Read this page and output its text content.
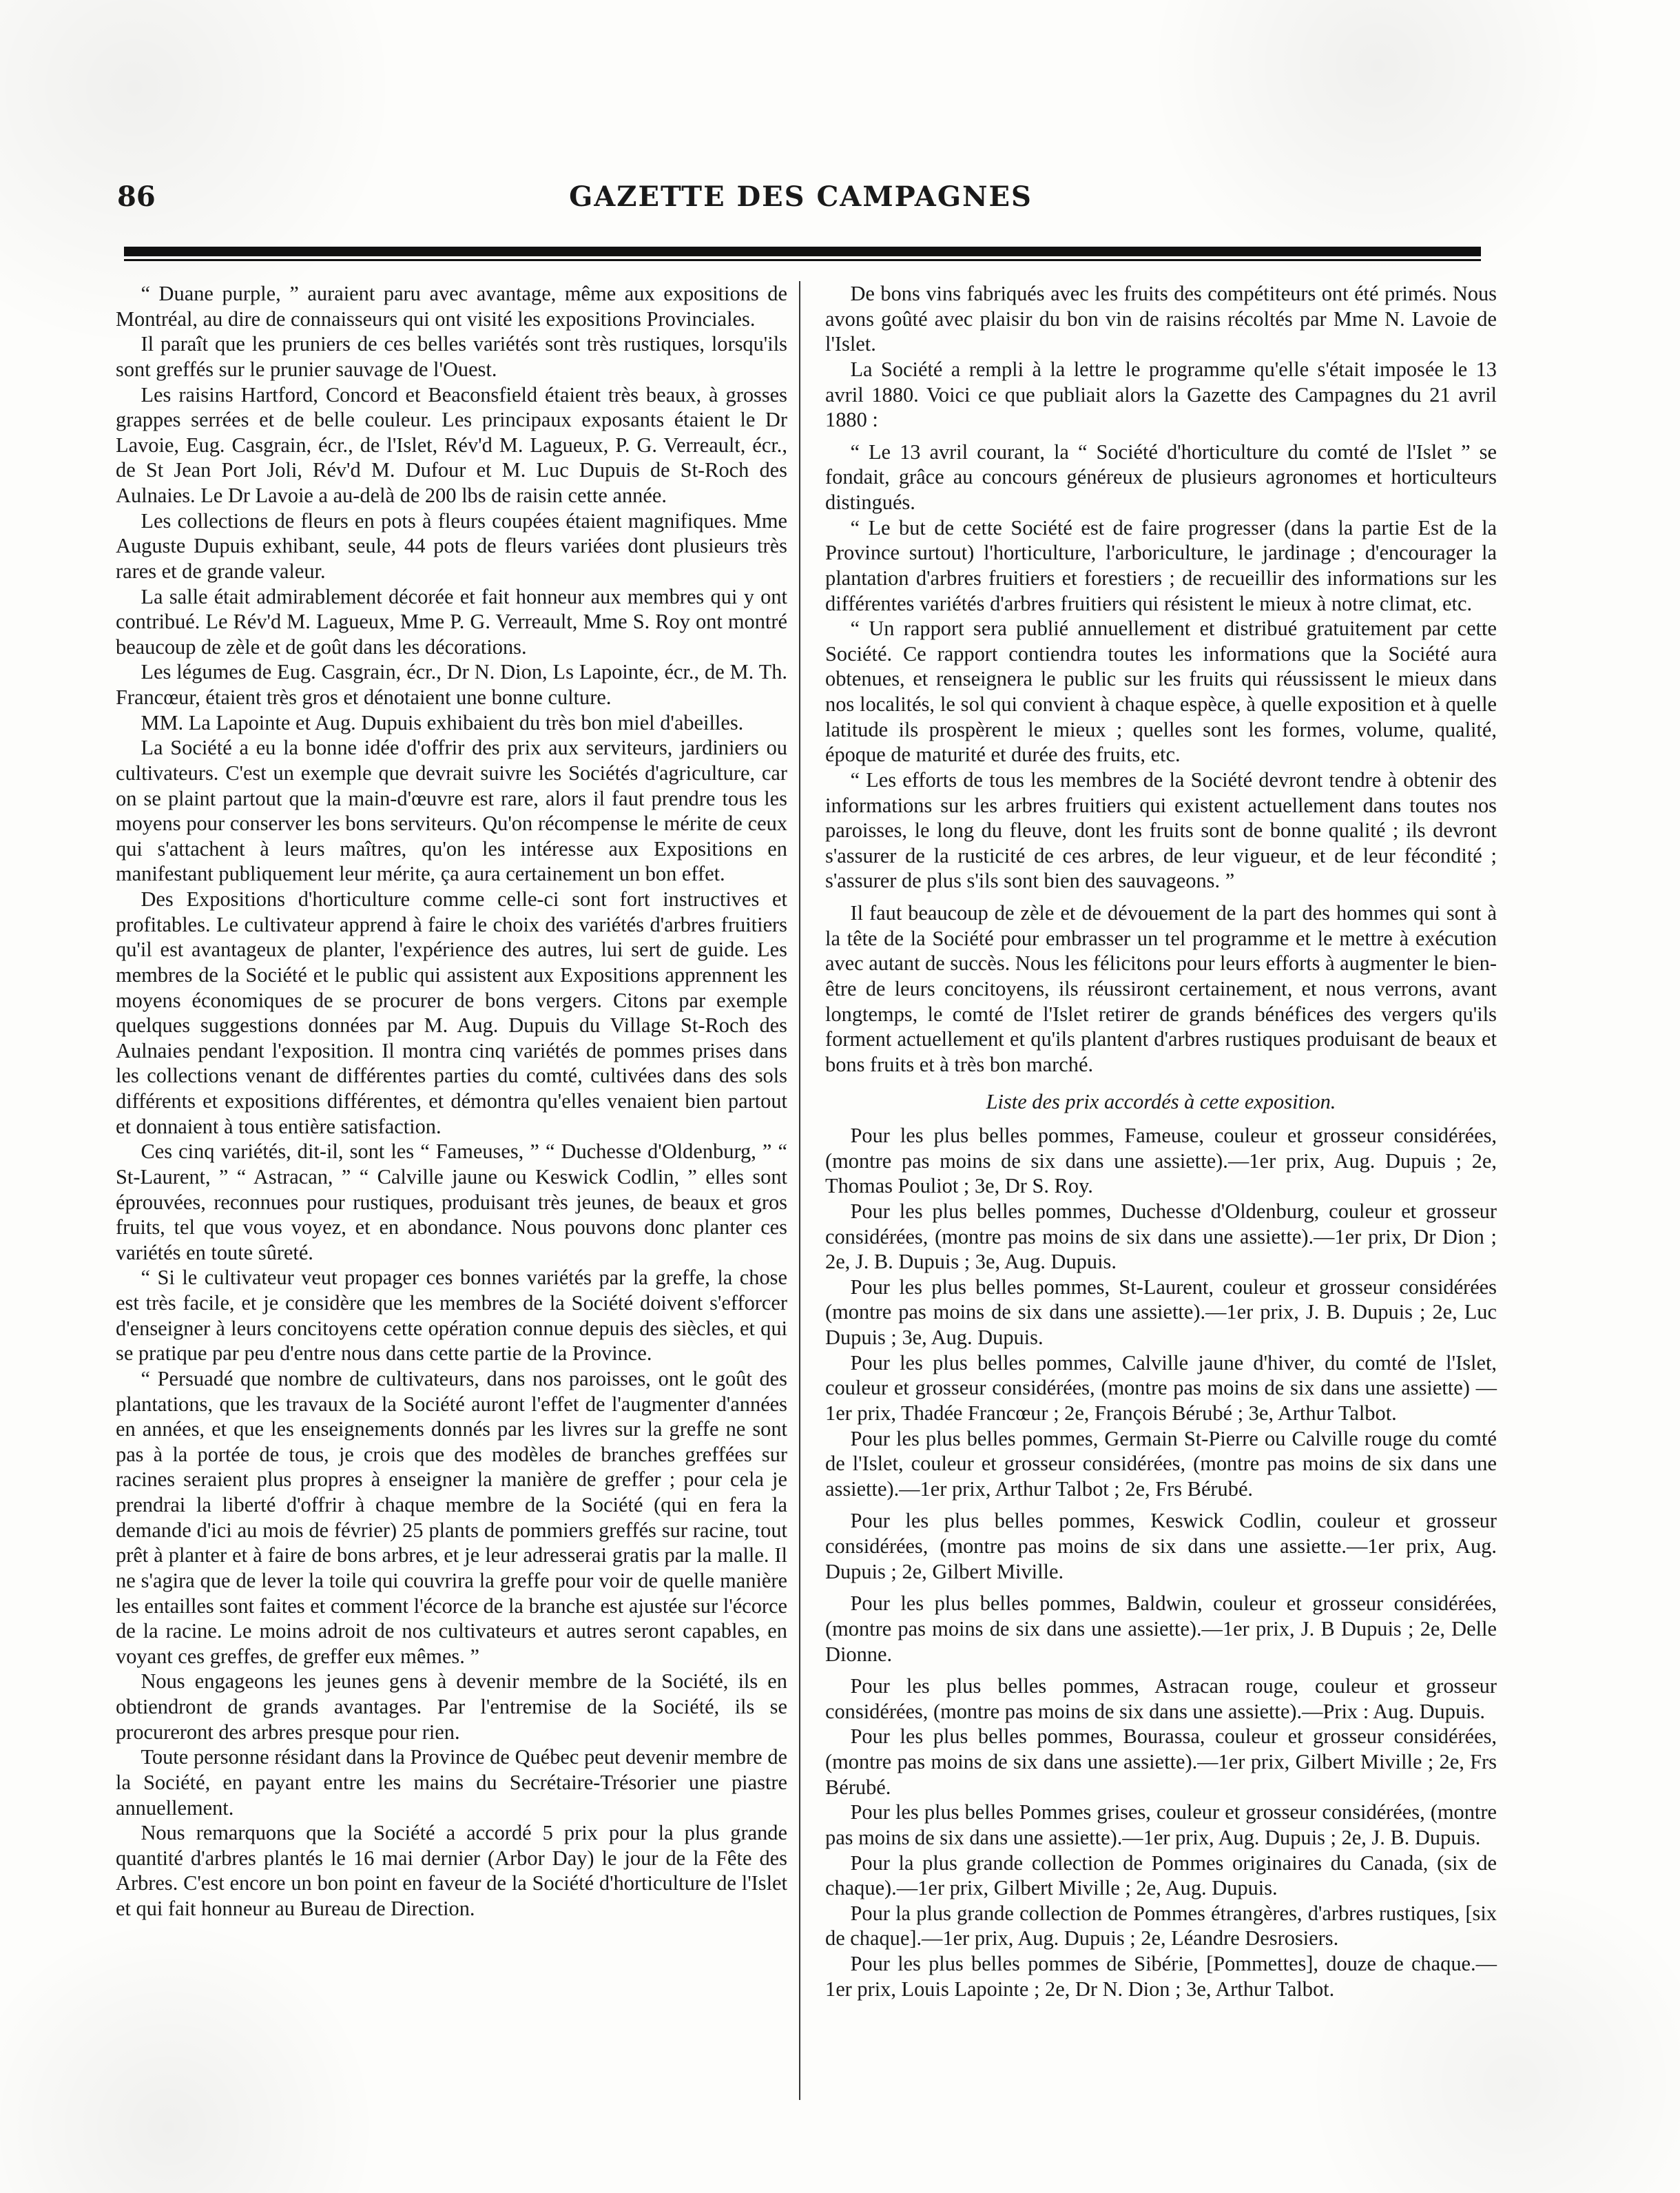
86	GAZETTE DES CAMPAGNES

“ Duane purple, ” auraient paru avec avantage, même aux expositions de Montréal, au dire de connaisseurs qui ont visité les expositions Provinciales.

Il paraît que les pruniers de ces belles variétés sont très rustiques, lorsqu'ils sont greffés sur le prunier sauvage de l'Ouest.

Les raisins Hartford, Concord et Beaconsfield étaient très beaux, à grosses grappes serrées et de belle couleur. Les principaux exposants étaient le Dr Lavoie, Eug. Casgrain, écr., de l'Islet, Rév'd M. Lagueux, P. G. Verreault, écr., de St Jean Port Joli, Rév'd M. Dufour et M. Luc Dupuis de St-Roch des Aulnaies. Le Dr Lavoie a au-delà de 200 lbs de raisin cette année.

Les collections de fleurs en pots à fleurs coupées étaient magnifiques. Mme Auguste Dupuis exhibant, seule, 44 pots de fleurs variées dont plusieurs très rares et de grande valeur.

La salle était admirablement décorée et fait honneur aux membres qui y ont contribué. Le Rév'd M. Lagueux, Mme P. G. Verreault, Mme S. Roy ont montré beaucoup de zèle et de goût dans les décorations.

Les légumes de Eug. Casgrain, écr., Dr N. Dion, Ls Lapointe, écr., de M. Th. Francœur, étaient très gros et dénotaient une bonne culture.

MM. La Lapointe et Aug. Dupuis exhibaient du très bon miel d'abeilles.

La Société a eu la bonne idée d'offrir des prix aux serviteurs, jardiniers ou cultivateurs. C'est un exemple que devrait suivre les Sociétés d'agriculture, car on se plaint partout que la main-d'œuvre est rare, alors il faut prendre tous les moyens pour conserver les bons serviteurs. Qu'on récompense le mérite de ceux qui s'attachent à leurs maîtres, qu'on les intéresse aux Expositions en manifestant publiquement leur mérite, ça aura certainement un bon effet.

Des Expositions d'horticulture comme celle-ci sont fort instructives et profitables. Le cultivateur apprend à faire le choix des variétés d'arbres fruitiers qu'il est avantageux de planter, l'expérience des autres, lui sert de guide. Les membres de la Société et le public qui assistent aux Expositions apprennent les moyens économiques de se procurer de bons vergers. Citons par exemple quelques suggestions données par M. Aug. Dupuis du Village St-Roch des Aulnaies pendant l'exposition. Il montra cinq variétés de pommes prises dans les collections venant de différentes parties du comté, cultivées dans des sols différents et expositions différentes, et démontra qu'elles venaient bien partout et donnaient à tous entière satisfaction.

Ces cinq variétés, dit-il, sont les “ Fameuses, ” “ Duchesse d'Oldenburg, ” “ St-Laurent, ” “ Astracan, ” “ Calville jaune ou Keswick Codlin, ” elles sont éprouvées, reconnues pour rustiques, produisant très jeunes, de beaux et gros fruits, tel que vous voyez, et en abondance. Nous pouvons donc planter ces variétés en toute sûreté.

“ Si le cultivateur veut propager ces bonnes variétés par la greffe, la chose est très facile, et je considère que les membres de la Société doivent s'efforcer d'enseigner à leurs concitoyens cette opération connue depuis des siècles, et qui se pratique par peu d'entre nous dans cette partie de la Province.

“ Persuadé que nombre de cultivateurs, dans nos paroisses, ont le goût des plantations, que les travaux de la Société auront l'effet de l'augmenter d'années en années, et que les enseignements donnés par les livres sur la greffe ne sont pas à la portée de tous, je crois que des modèles de branches greffées sur racines seraient plus propres à enseigner la manière de greffer ; pour cela je prendrai la liberté d'offrir à chaque membre de la Société (qui en fera la demande d'ici au mois de février) 25 plants de pommiers greffés sur racine, tout prêt à planter et à faire de bons arbres, et je leur adresserai gratis par la malle. Il ne s'agira que de lever la toile qui couvrira la greffe pour voir de quelle manière les entailles sont faites et comment l'écorce de la branche est ajustée sur l'écorce de la racine. Le moins adroit de nos cultivateurs et autres seront capables, en voyant ces greffes, de greffer eux mêmes. ”

Nous engageons les jeunes gens à devenir membre de la Société, ils en obtiendront de grands avantages. Par l'entremise de la Société, ils se procureront des arbres presque pour rien.

Toute personne résidant dans la Province de Québec peut devenir membre de la Société, en payant entre les mains du Secrétaire-Trésorier une piastre annuellement.

Nous remarquons que la Société a accordé 5 prix pour la plus grande quantité d'arbres plantés le 16 mai dernier (Arbor Day) le jour de la Fête des Arbres. C'est encore un bon point en faveur de la Société d'horticulture de l'Islet et qui fait honneur au Bureau de Direction.

De bons vins fabriqués avec les fruits des compétiteurs ont été primés. Nous avons goûté avec plaisir du bon vin de raisins récoltés par Mme N. Lavoie de l'Islet.

La Société a rempli à la lettre le programme qu'elle s'était imposée le 13 avril 1880. Voici ce que publiait alors la Gazette des Campagnes du 21 avril 1880 :

“ Le 13 avril courant, la “ Société d'horticulture du comté de l'Islet ” se fondait, grâce au concours généreux de plusieurs agronomes et horticulteurs distingués.

“ Le but de cette Société est de faire progresser (dans la partie Est de la Province surtout) l'horticulture, l'arboriculture, le jardinage ; d'encourager la plantation d'arbres fruitiers et forestiers ; de recueillir des informations sur les différentes variétés d'arbres fruitiers qui résistent le mieux à notre climat, etc.

“ Un rapport sera publié annuellement et distribué gratuitement par cette Société. Ce rapport contiendra toutes les informations que la Société aura obtenues, et renseignera le public sur les fruits qui réussissent le mieux dans nos localités, le sol qui convient à chaque espèce, à quelle exposition et à quelle latitude ils prospèrent le mieux ; quelles sont les formes, volume, qualité, époque de maturité et durée des fruits, etc.

“ Les efforts de tous les membres de la Société devront tendre à obtenir des informations sur les arbres fruitiers qui existent actuellement dans toutes nos paroisses, le long du fleuve, dont les fruits sont de bonne qualité ; ils devront s'assurer de la rusticité de ces arbres, de leur vigueur, et de leur fécondité ; s'assurer de plus s'ils sont bien des sauvageons. ”

Il faut beaucoup de zèle et de dévouement de la part des hommes qui sont à la tête de la Société pour embrasser un tel programme et le mettre à exécution avec autant de succès. Nous les félicitons pour leurs efforts à augmenter le bien-être de leurs concitoyens, ils réussiront certainement, et nous verrons, avant longtemps, le comté de l'Islet retirer de grands bénéfices des vergers qu'ils forment actuellement et qu'ils plantent d'arbres rustiques produisant de beaux et bons fruits et à très bon marché.

Liste des prix accordés à cette exposition.

Pour les plus belles pommes, Fameuse, couleur et grosseur considérées, (montre pas moins de six dans une assiette).—1er prix, Aug. Dupuis ; 2e, Thomas Pouliot ; 3e, Dr S. Roy.

Pour les plus belles pommes, Duchesse d'Oldenburg, couleur et grosseur considérées, (montre pas moins de six dans une assiette).—1er prix, Dr Dion ; 2e, J. B. Dupuis ; 3e, Aug. Dupuis.

Pour les plus belles pommes, St-Laurent, couleur et grosseur considérées (montre pas moins de six dans une assiette).—1er prix, J. B. Dupuis ; 2e, Luc Dupuis ; 3e, Aug. Dupuis.

Pour les plus belles pommes, Calville jaune d'hiver, du comté de l'Islet, couleur et grosseur considérées, (montre pas moins de six dans une assiette) —1er prix, Thadée Francœur ; 2e, François Bérubé ; 3e, Arthur Talbot.

Pour les plus belles pommes, Germain St-Pierre ou Calville rouge du comté de l'Islet, couleur et grosseur considérées, (montre pas moins de six dans une assiette).—1er prix, Arthur Talbot ; 2e, Frs Bérubé.

Pour les plus belles pommes, Keswick Codlin, couleur et grosseur considérées, (montre pas moins de six dans une assiette.—1er prix, Aug. Dupuis ; 2e, Gilbert Miville.

Pour les plus belles pommes, Baldwin, couleur et grosseur considérées, (montre pas moins de six dans une assiette).—1er prix, J. B Dupuis ; 2e, Delle Dionne.

Pour les plus belles pommes, Astracan rouge, couleur et grosseur considérées, (montre pas moins de six dans une assiette).—Prix : Aug. Dupuis.

Pour les plus belles pommes, Bourassa, couleur et grosseur considérées, (montre pas moins de six dans une assiette).—1er prix, Gilbert Miville ; 2e, Frs Bérubé.

Pour les plus belles Pommes grises, couleur et grosseur considérées, (montre pas moins de six dans une assiette).—1er prix, Aug. Dupuis ; 2e, J. B. Dupuis.

Pour la plus grande collection de Pommes originaires du Canada, (six de chaque).—1er prix, Gilbert Miville ; 2e, Aug. Dupuis.

Pour la plus grande collection de Pommes étrangères, d'arbres rustiques, [six de chaque].—1er prix, Aug. Dupuis ; 2e, Léandre Desrosiers.

Pour les plus belles pommes de Sibérie, [Pommettes], douze de chaque.—1er prix, Louis Lapointe ; 2e, Dr N. Dion ; 3e, Arthur Talbot.
